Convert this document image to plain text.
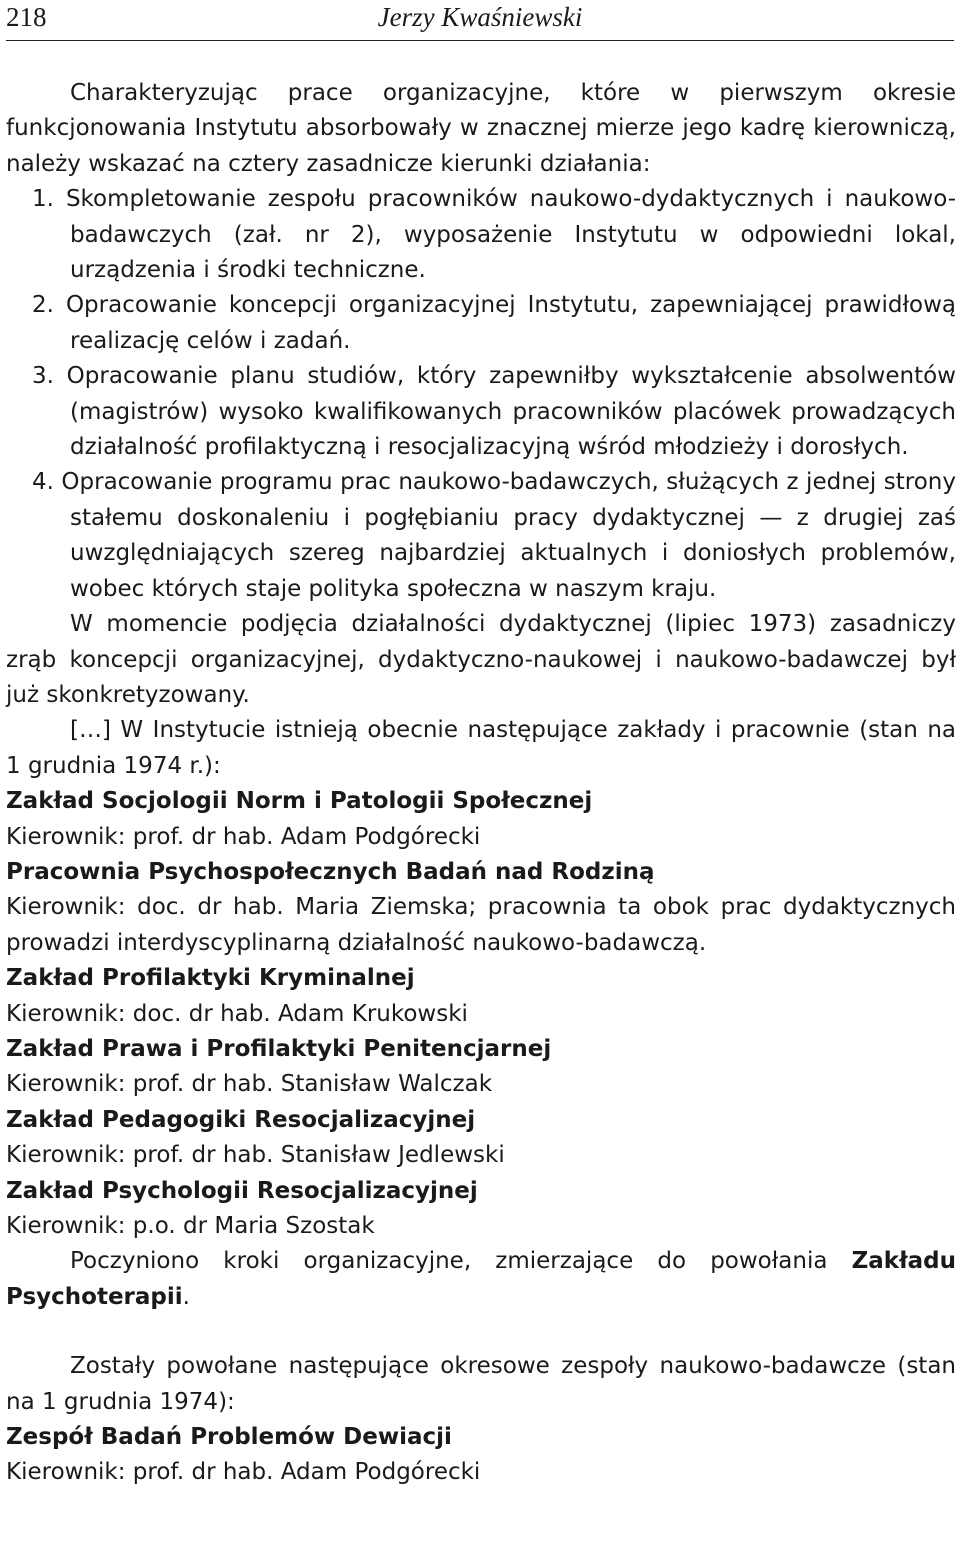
218	Jerzy Kwaśniewski

Charakteryzując prace organizacyjne, które w pierwszym okresie funkcjonowania Instytutu absorbowały w znacznej mierze jego kadrę kierowniczą, należy wskazać na cztery zasadnicze kierunki działania:

1. Skompletowanie zespołu pracowników naukowo-dydaktycznych i naukowo-badawczych (zał. nr 2), wyposażenie Instytutu w odpowiedni lokal, urządzenia i środki techniczne.

2. Opracowanie koncepcji organizacyjnej Instytutu, zapewniającej prawidłową realizację celów i zadań.

3. Opracowanie planu studiów, który zapewniłby wykształcenie absolwentów (magistrów) wysoko kwalifikowanych pracowników placówek prowadzących działalność profilaktyczną i resocjalizacyjną wśród młodzieży i dorosłych.

4. Opracowanie programu prac naukowo-badawczych, służących z jednej strony stałemu doskonaleniu i pogłębianiu pracy dydaktycznej — z drugiej zaś uwzględniających szereg najbardziej aktualnych i doniosłych problemów, wobec których staje polityka społeczna w naszym kraju.

W momencie podjęcia działalności dydaktycznej (lipiec 1973) zasadniczy zrąb koncepcji organizacyjnej, dydaktyczno-naukowej i naukowo-badawczej był już skonkretyzowany.

[…] W Instytucie istnieją obecnie następujące zakłady i pracownie (stan na 1 grudnia 1974 r.):

Zakład Socjologii Norm i Patologii Społecznej

Kierownik: prof. dr hab. Adam Podgórecki

Pracownia Psychospołecznych Badań nad Rodziną

Kierownik: doc. dr hab. Maria Ziemska; pracownia ta obok prac dydaktycznych prowadzi interdyscyplinarną działalność naukowo-badawczą.

Zakład Profilaktyki Kryminalnej

Kierownik: doc. dr hab. Adam Krukowski

Zakład Prawa i Profilaktyki Penitencjarnej

Kierownik: prof. dr hab. Stanisław Walczak

Zakład Pedagogiki Resocjalizacyjnej

Kierownik: prof. dr hab. Stanisław Jedlewski

Zakład Psychologii Resocjalizacyjnej

Kierownik: p.o. dr Maria Szostak

Poczyniono kroki organizacyjne, zmierzające do powołania Zakładu Psychoterapii.

Zostały powołane następujące okresowe zespoły naukowo-badawcze (stan na 1 grudnia 1974):

Zespół Badań Problemów Dewiacji

Kierownik: prof. dr hab. Adam Podgórecki
